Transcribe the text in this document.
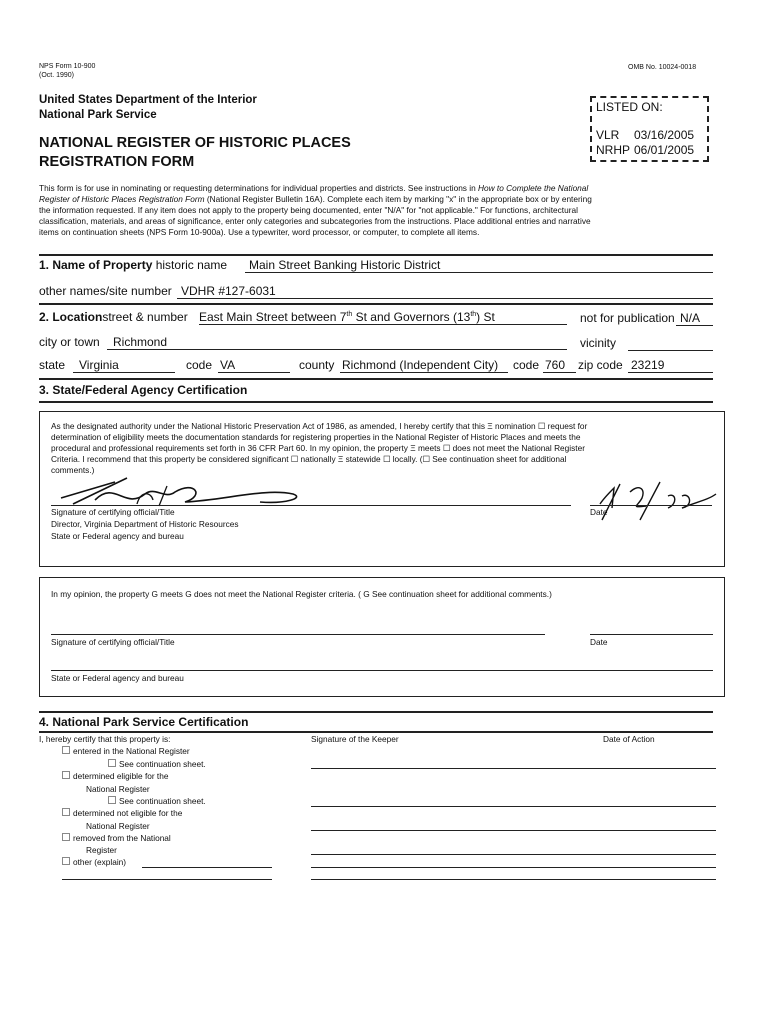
NPS Form 10-900
(Oct. 1990)
OMB No. 10024-0018
United States Department of the Interior
National Park Service
NATIONAL REGISTER OF HISTORIC PLACES
REGISTRATION FORM
LISTED ON:
VLR 03/16/2005
NRHP 06/01/2005
This form is for use in nominating or requesting determinations for individual properties and districts. See instructions in How to Complete the National
Register of Historic Places Registration Form (National Register Bulletin 16A). Complete each item by marking "x" in the appropriate box or by entering
the information requested. If any item does not apply to the property being documented, enter "N/A" for "not applicable." For functions, architectural
classification, materials, and areas of significance, enter only categories and subcategories from the instructions. Place additional entries and narrative
items on continuation sheets (NPS Form 10-900a). Use a typewriter, word processor, or computer, to complete all items.
1. Name of Property historic name	Main Street Banking Historic District
other names/site number VDHR #127-6031
2. Locationstreet & number East Main Street between 7th St and Governors (13th) St	not for publication N/A
city or town	Richmond	vicinity
state	Virginia	code VA	county Richmond (Independent City)	code 760	zip code 23219
3. State/Federal Agency Certification
As the designated authority under the National Historic Preservation Act of 1986, as amended, I hereby certify that this Ξ nomination ☐ request for
determination of eligibility meets the documentation standards for registering properties in the National Register of Historic Places and meets the
procedural and professional requirements set forth in 36 CFR Part 60. In my opinion, the property Ξ meets ☐ does not meet the National Register
Criteria. I recommend that this property be considered significant ☐ nationally Ξ statewide ☐ locally. (☐ See continuation sheet for additional
comments.)
Signature of certifying official/Title	Date
Director, Virginia Department of Historic Resources
State or Federal agency and bureau
In my opinion, the property G meets G does not meet the National Register criteria. ( G See continuation sheet for additional comments.)
Signature of certifying official/Title	Date
State or Federal agency and bureau
4. National Park Service Certification
I, hereby certify that this property is:	Signature of the Keeper	Date of Action
entered in the National Register
See continuation sheet.
determined eligible for the
National Register
See continuation sheet.
determined not eligible for the
National Register
removed from the National
Register
other (explain)
